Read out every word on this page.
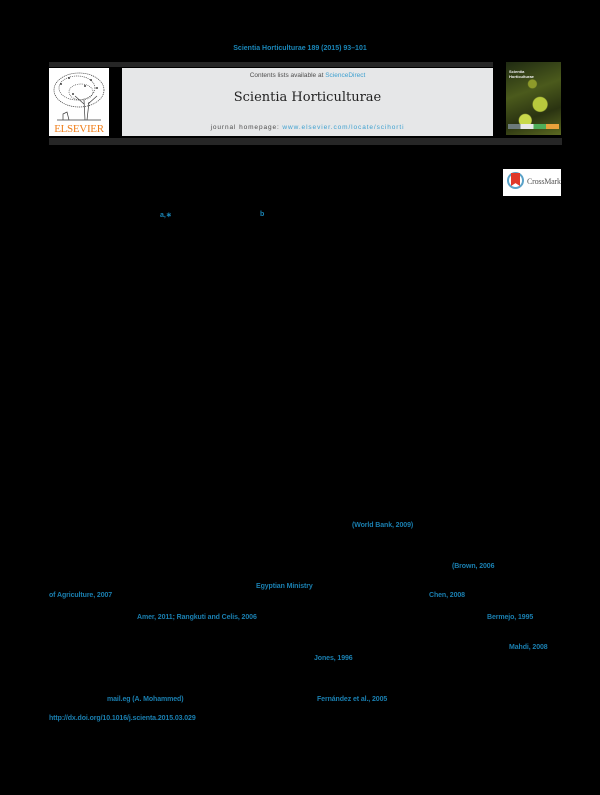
Scientia Horticulturae 189 (2015) 93–101
ELSEVIER
Contents lists available at ScienceDirect
Scientia Horticulturae
journal homepage: www.elsevier.com/locate/scihorti
Scientia
Horticulturae
CrossMark
a,∗	b
(World Bank, 2009)
(Brown, 2006
Egyptian Ministry
of Agriculture, 2007	Chen, 2008
Amer, 2011; Rangkuti and Celis, 2006	Bermejo, 1995
Mahdi, 2008
Jones, 1996
mail.eg (A. Mohammed)	Fernández et al., 2005
http://dx.doi.org/10.1016/j.scienta.2015.03.029
